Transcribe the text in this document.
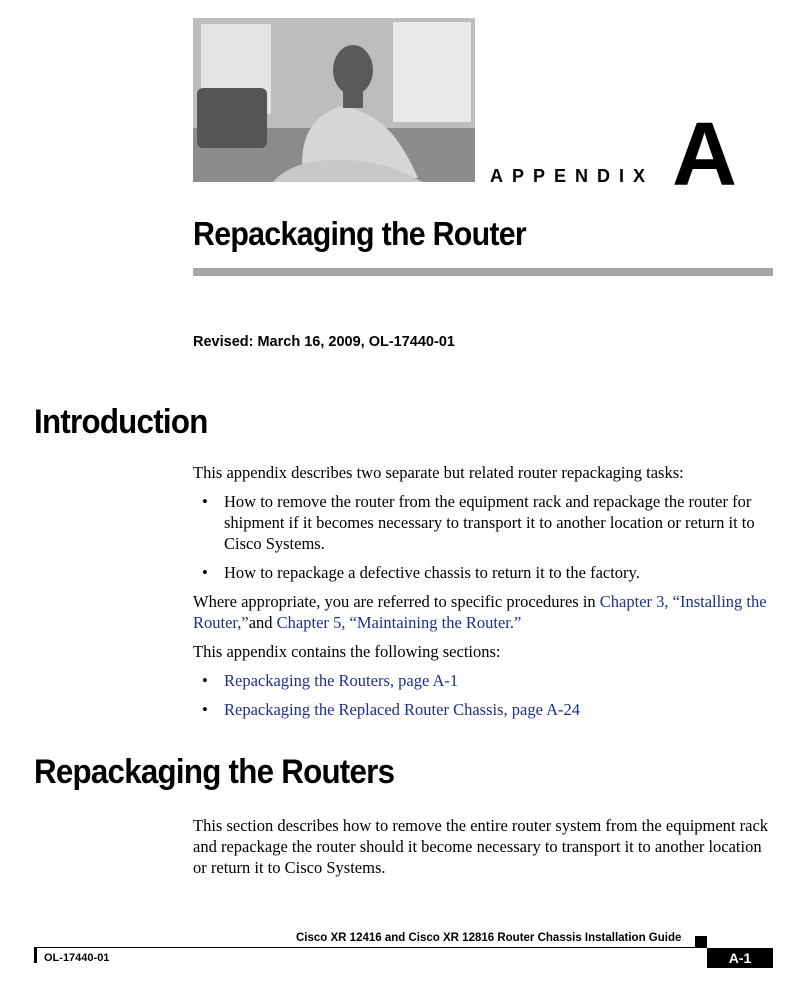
APPENDIX A
Repackaging the Router
Revised: March 16, 2009, OL-17440-01
Introduction

This appendix describes two separate but related router repackaging tasks:

• How to remove the router from the equipment rack and repackage the router for shipment if it becomes necessary to transport it to another location or return it to Cisco Systems.
• How to repackage a defective chassis to return it to the factory.

Where appropriate, you are referred to specific procedures in Chapter 3, “Installing the Router,”and Chapter 5, “Maintaining the Router.”

This appendix contains the following sections:

• Repackaging the Routers, page A-1
• Repackaging the Replaced Router Chassis, page A-24
Repackaging the Routers

This section describes how to remove the entire router system from the equipment rack and repackage the router should it become necessary to transport it to another location or return it to Cisco Systems.

Cisco XR 12416 and Cisco XR 12816 Router Chassis Installation Guide
OL-17440-01	A-1
